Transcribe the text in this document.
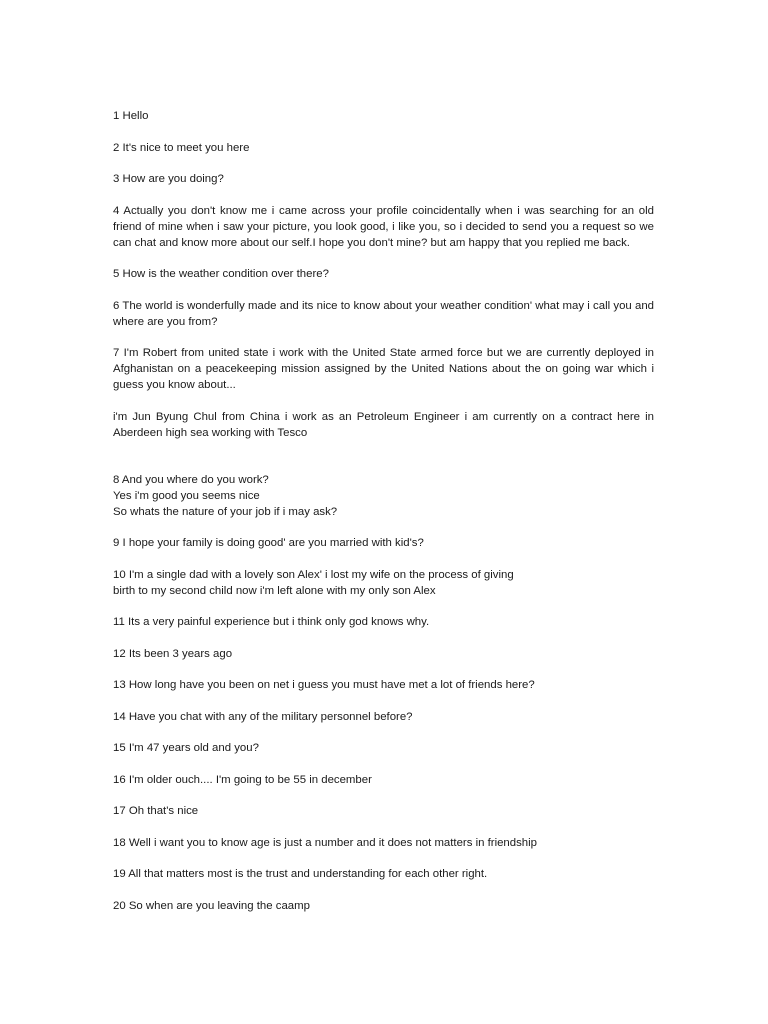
1 Hello

2 It's nice to meet you here

3 How are you doing?

4 Actually you don't know me i came across your profile coincidentally when i was searching for an old friend of mine when i saw your picture, you look good, i like you, so i decided to send you a request so we can chat and know more about our self.I hope you don't mine? but am happy that you replied me back.

5 How is the weather condition over there?

6 The world is wonderfully made and its nice to know about your weather condition' what may i call you and where are you from?

7 I'm Robert from united state i work with the United State armed force but we are currently deployed in Afghanistan on a peacekeeping mission assigned by the United Nations about the on going war which i guess you know about...

i'm Jun Byung Chul from China i work as an Petroleum Engineer i am currently on a contract here in Aberdeen high sea working with Tesco

8 And you where do you work?
Yes i'm good you seems nice
So whats the nature of your job if i may ask?

9 I hope your family is doing good' are you married with kid's?

10 I'm a single dad with a lovely son Alex' i lost my wife on the process of giving
birth to my second child now i'm left alone with my only son Alex

11 Its a very painful experience but i think only god knows why.

12 Its been 3 years ago

13 How long have you been on net i guess you must have met a lot of friends here?

14 Have you chat with any of the military personnel before?

15 I'm 47 years old and you?

16 I'm older ouch.... I'm going to be 55 in december

17 Oh that's nice

18 Well i want you to know age is just a number and it does not matters in friendship

19 All that matters most is the trust and understanding for each other right.

20 So when are you leaving the caamp
